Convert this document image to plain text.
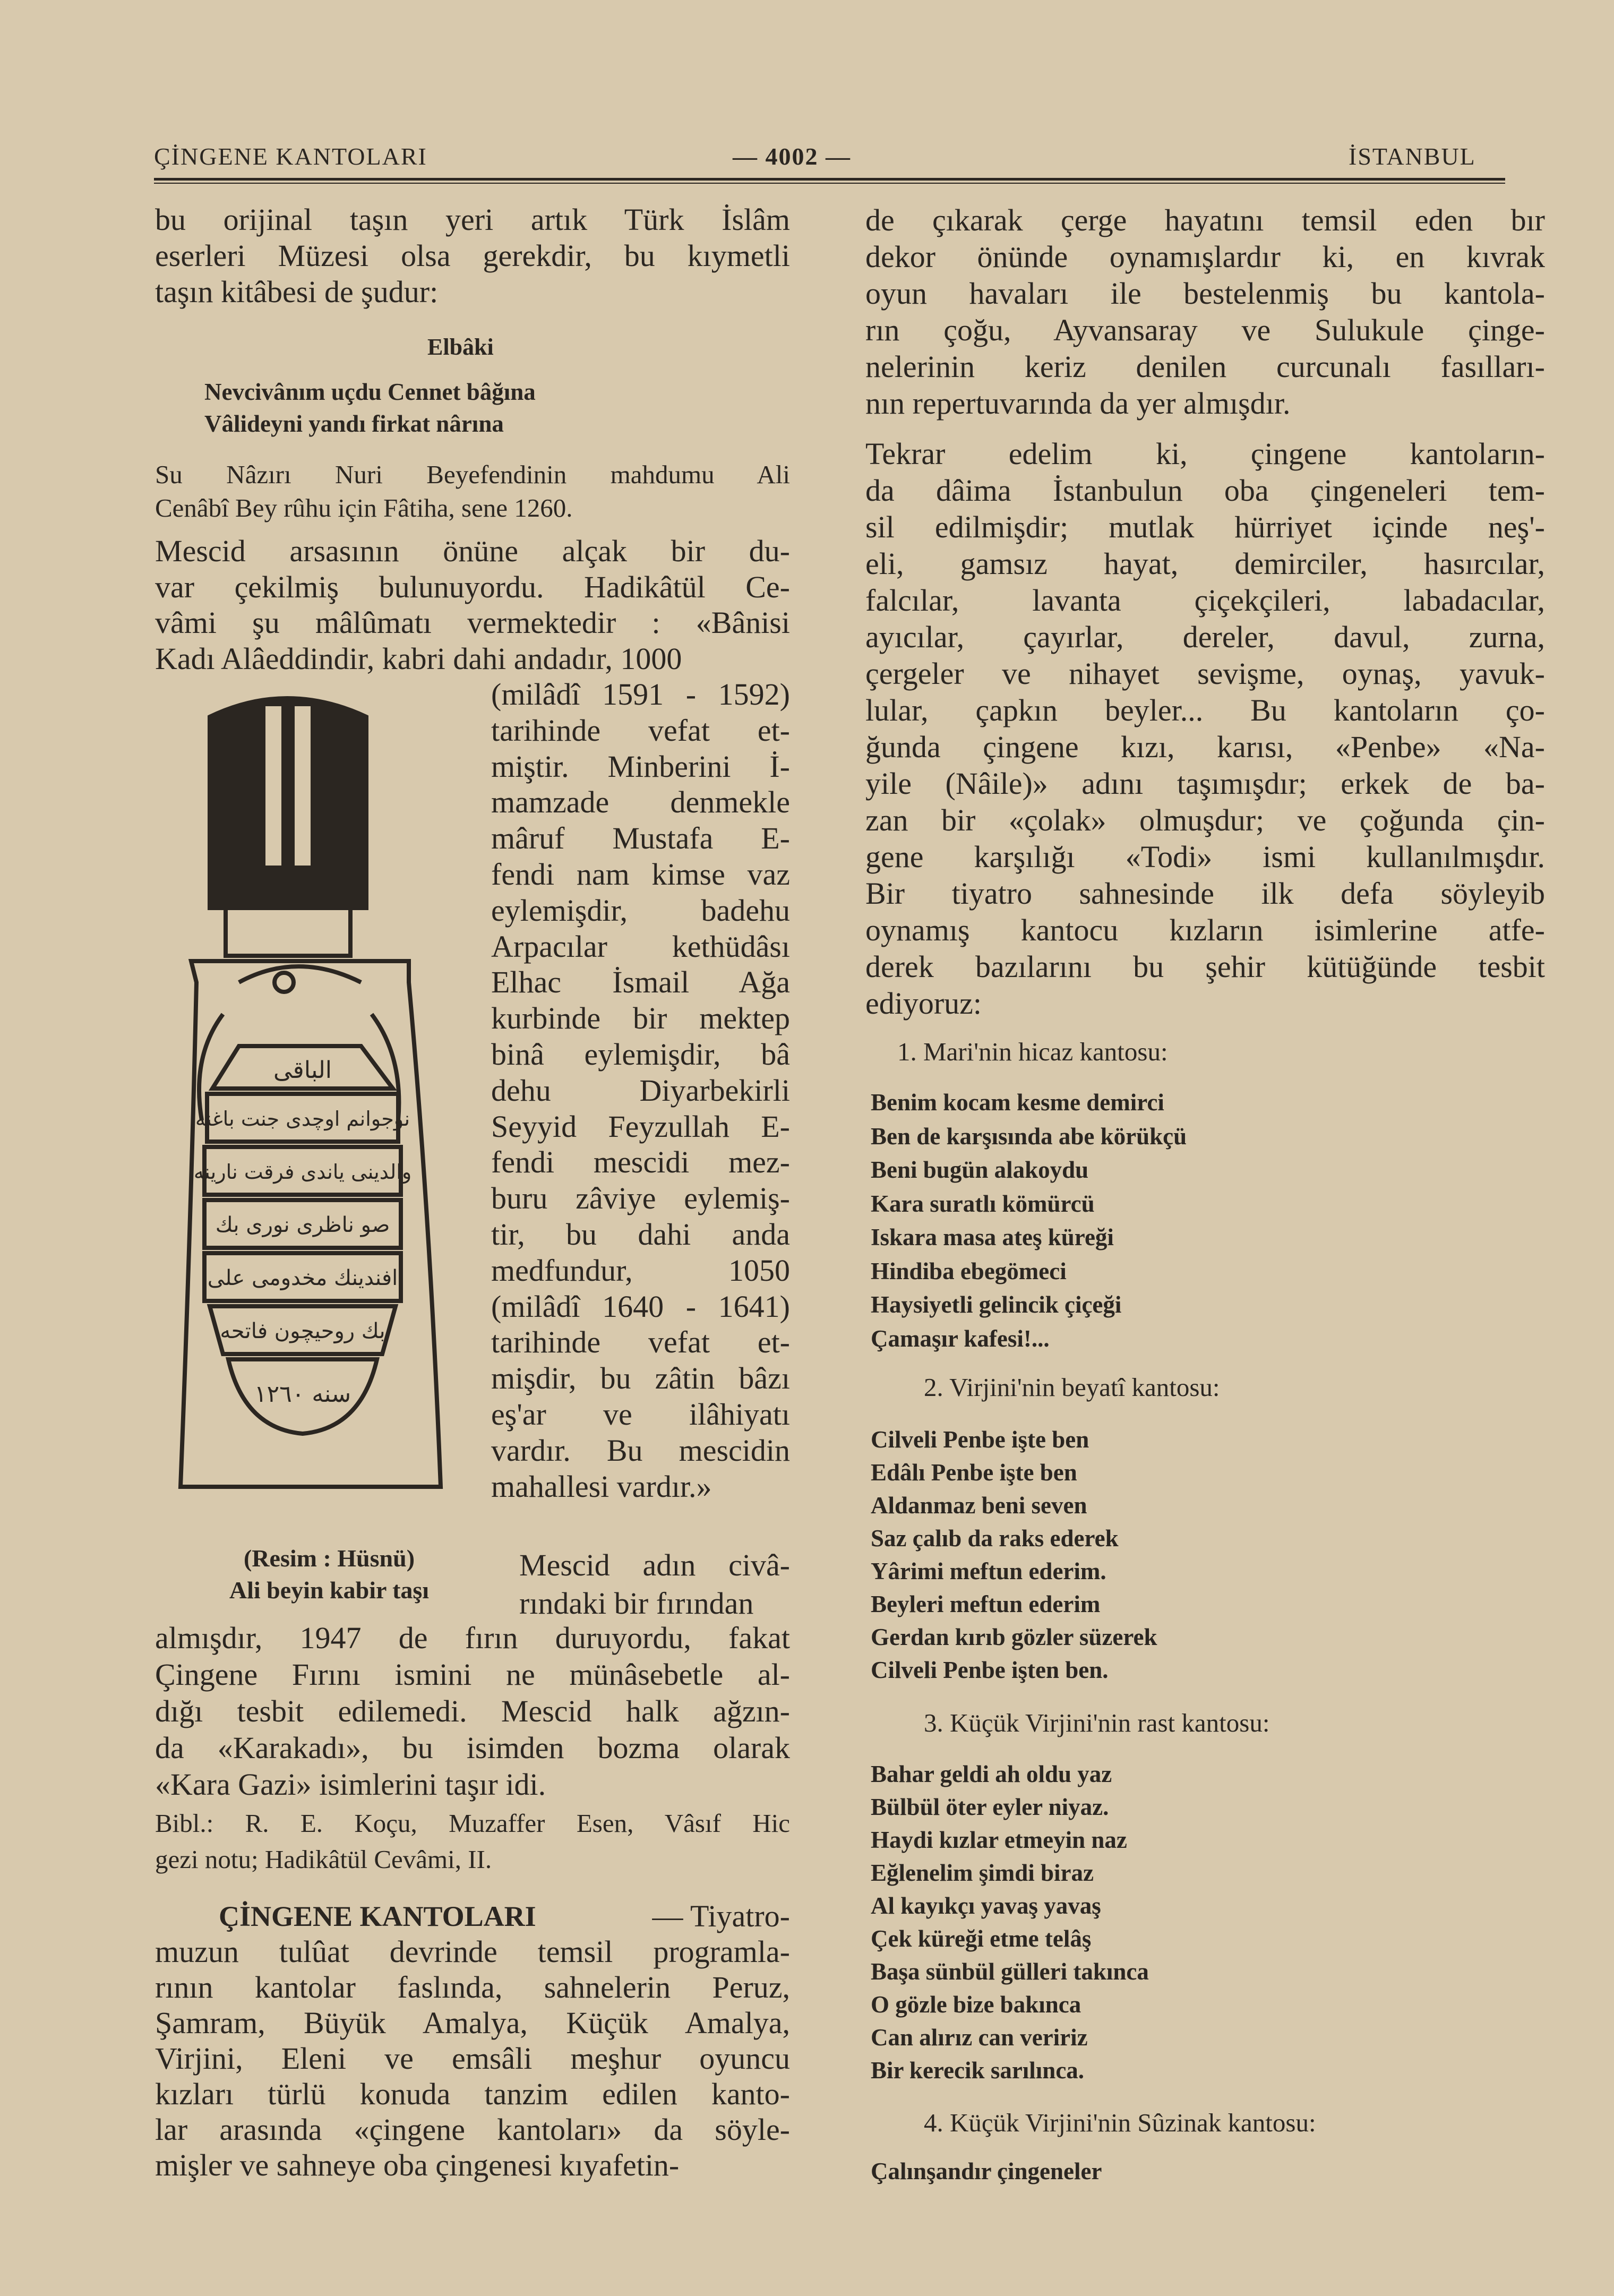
ÇİNGENE KANTOLARI	— 4002 —	İSTANBUL
bu orijinal taşın yeri artık Türk İslâm
eserleri Müzesi olsa gerekdir, bu kıymetli
taşın kitâbesi de şudur:
Elbâki
Nevcivânım uçdu Cennet bâğına
Vâlideyni yandı firkat nârına
Su Nâzırı Nuri Beyefendinin mahdumu Ali
Cenâbî Bey rûhu için Fâtiha, sene 1260.
Mescid arsasının önüne alçak bir du-
var çekilmiş bulunuyordu. Hadikâtül Ce-
vâmi şu mâlûmatı vermektedir : «Bânisi
Kadı Alâeddindir, kabri dahi andadır, 1000
(milâdî 1591 - 1592)
tarihinde vefat et-
miştir. Minberini İ-
mamzade denmekle
mâruf Mustafa E-
fendi nam kimse vaz
eylemişdir, badehu
Arpacılar kethüdâsı
Elhac İsmail Ağa
kurbinde bir mektep
binâ eylemişdir, bâ
dehu Diyarbekirli
Seyyid Feyzullah E-
fendi mescidi mez-
buru zâviye eylemiş-
tir, bu dahi anda
medfundur, 1050
(milâdî 1640 - 1641)
tarihinde vefat et-
mişdir, bu zâtin bâzı
eş'ar ve ilâhiyatı
vardır. Bu mescidin
mahallesi vardır.»
الباقی
نوجوانم اوچدی جنت باغنه
والدینی یاندی فرقت نارینه
صو ناظری نوری بك
افندینك مخدومی علی
بك روحیچون فاتحه
سنه ١٢٦٠
(Resim : Hüsnü)
Ali beyin kabir taşı
Mescid adın civâ-
rındaki bir fırından
almışdır, 1947 de fırın duruyordu, fakat
Çingene Fırını ismini ne münâsebetle al-
dığı tesbit edilemedi. Mescid halk ağzın-
da «Karakadı», bu isimden bozma olarak
«Kara Gazi» isimlerini taşır idi.
Bibl.: R. E. Koçu, Muzaffer Esen, Vâsıf Hic
gezi notu; Hadikâtül Cevâmi, II.
ÇİNGENE KANTOLARI	— Tiyatro-
muzun tulûat devrinde temsil programla-
rının kantolar faslında, sahnelerin Peruz,
Şamram, Büyük Amalya, Küçük Amalya,
Virjini, Eleni ve emsâli meşhur oyuncu
kızları türlü konuda tanzim edilen kanto-
lar arasında «çingene kantoları» da söyle-
mişler ve sahneye oba çingenesi kıyafetin-
de çıkarak çerge hayatını temsil eden bır
dekor önünde oynamışlardır ki, en kıvrak
oyun havaları ile bestelenmiş bu kantola-
rın çoğu, Ayvansaray ve Sulukule çinge-
nelerinin keriz denilen curcunalı fasılları-
nın repertuvarında da yer almışdır.
Tekrar edelim ki, çingene kantoların-
da dâima İstanbulun oba çingeneleri tem-
sil edilmişdir; mutlak hürriyet içinde neş'-
eli, gamsız hayat, demirciler, hasırcılar,
falcılar, lavanta çiçekçileri, labadacılar,
ayıcılar, çayırlar, dereler, davul, zurna,
çergeler ve nihayet sevişme, oynaş, yavuk-
lular, çapkın beyler... Bu kantoların ço-
ğunda çingene kızı, karısı, «Penbe» «Na-
yile (Nâile)» adını taşımışdır; erkek de ba-
zan bir «çolak» olmuşdur; ve çoğunda çin-
gene karşılığı «Todi» ismi kullanılmışdır.
Bir tiyatro sahnesinde ilk defa söyleyib
oynamış kantocu kızların isimlerine atfe-
derek bazılarını bu şehir kütüğünde tesbit
ediyoruz:
1. Mari'nin hicaz kantosu:
Benim kocam kesme demirci
Ben de karşısında abe körükçü
Beni bugün alakoydu
Kara suratlı kömürcü
Iskara masa ateş küreği
Hindiba ebegömeci
Haysiyetli gelincik çiçeği
Çamaşır kafesi!...
2. Virjini'nin beyatî kantosu:
Cilveli Penbe işte ben
Edâlı Penbe işte ben
Aldanmaz beni seven
Saz çalıb da raks ederek
Yârimi meftun ederim.
Beyleri meftun ederim
Gerdan kırıb gözler süzerek
Cilveli Penbe işten ben.
3. Küçük Virjini'nin rast kantosu:
Bahar geldi ah oldu yaz
Bülbül öter eyler niyaz.
Haydi kızlar etmeyin naz
Eğlenelim şimdi biraz
Al kayıkçı yavaş yavaş
Çek küreği etme telâş
Başa sünbül gülleri takınca
O gözle bize bakınca
Can alırız can veririz
Bir kerecik sarılınca.
4. Küçük Virjini'nin Sûzinak kantosu:
Çalınşandır çingeneler
